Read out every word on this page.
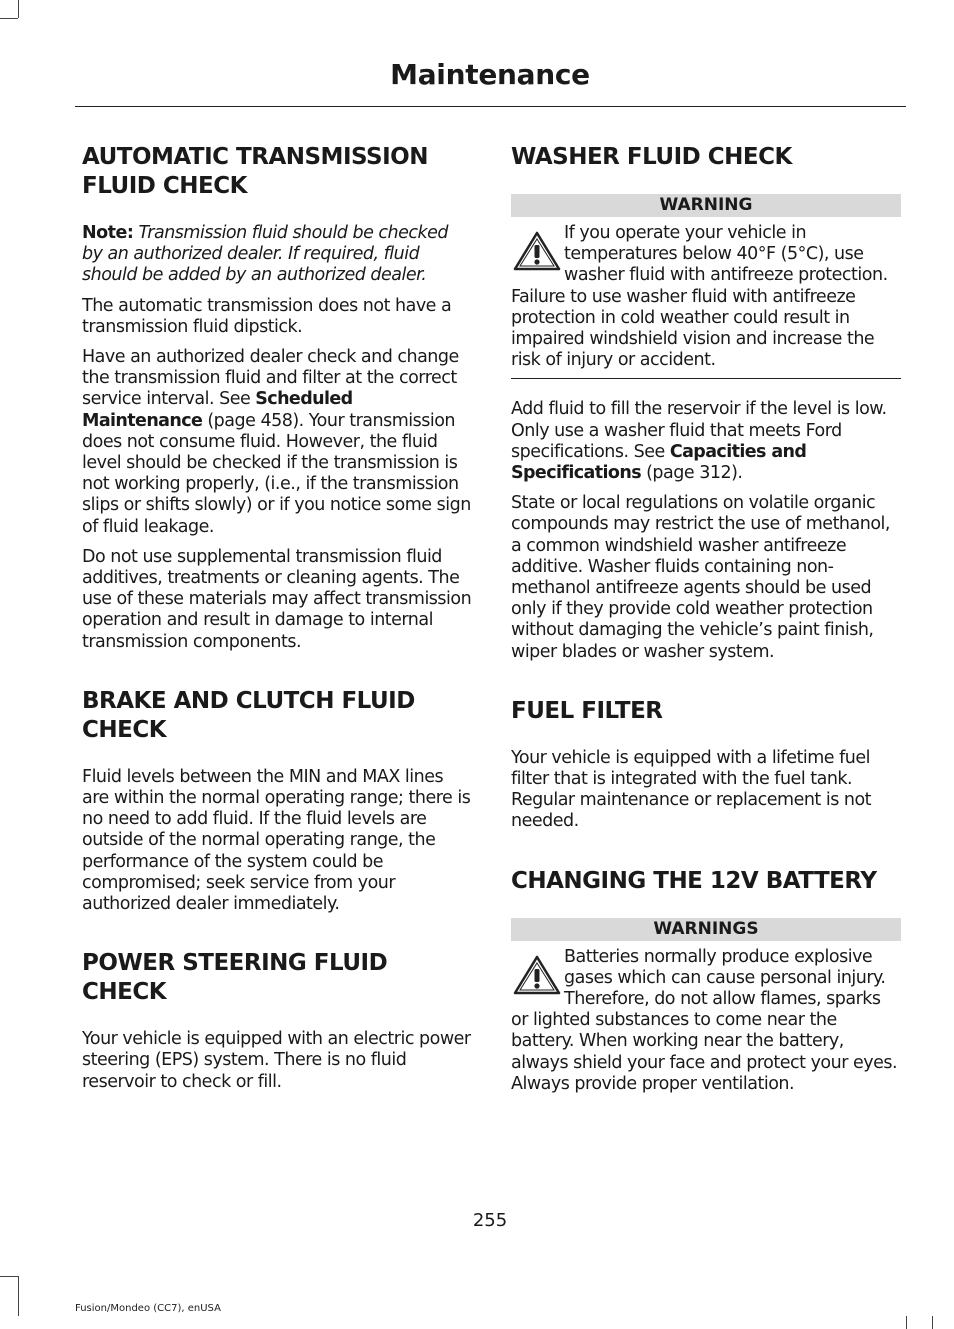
Maintenance
AUTOMATIC TRANSMISSION FLUID CHECK

Note: Transmission fluid should be checked by an authorized dealer. If required, fluid should be added by an authorized dealer.

The automatic transmission does not have a transmission fluid dipstick.

Have an authorized dealer check and change the transmission fluid and filter at the correct service interval. See Scheduled Maintenance (page 458). Your transmission does not consume fluid. However, the fluid level should be checked if the transmission is not working properly, (i.e., if the transmission slips or shifts slowly) or if you notice some sign of fluid leakage.

Do not use supplemental transmission fluid additives, treatments or cleaning agents. The use of these materials may affect transmission operation and result in damage to internal transmission components.

BRAKE AND CLUTCH FLUID CHECK

Fluid levels between the MIN and MAX lines are within the normal operating range; there is no need to add fluid. If the fluid levels are outside of the normal operating range, the performance of the system could be compromised; seek service from your authorized dealer immediately.

POWER STEERING FLUID CHECK

Your vehicle is equipped with an electric power steering (EPS) system. There is no fluid reservoir to check or fill.

WASHER FLUID CHECK
WARNING

If you operate your vehicle in temperatures below 40°F (5°C), use washer fluid with antifreeze protection. Failure to use washer fluid with antifreeze protection in cold weather could result in impaired windshield vision and increase the risk of injury or accident.

Add fluid to fill the reservoir if the level is low. Only use a washer fluid that meets Ford specifications. See Capacities and Specifications (page 312).

State or local regulations on volatile organic compounds may restrict the use of methanol, a common windshield washer antifreeze additive. Washer fluids containing non-methanol antifreeze agents should be used only if they provide cold weather protection without damaging the vehicle’s paint finish, wiper blades or washer system.

FUEL FILTER

Your vehicle is equipped with a lifetime fuel filter that is integrated with the fuel tank. Regular maintenance or replacement is not needed.

CHANGING THE 12V BATTERY
WARNINGS

Batteries normally produce explosive gases which can cause personal injury. Therefore, do not allow flames, sparks or lighted substances to come near the battery. When working near the battery, always shield your face and protect your eyes. Always provide proper ventilation.

255
Fusion/Mondeo (CC7), enUSA
